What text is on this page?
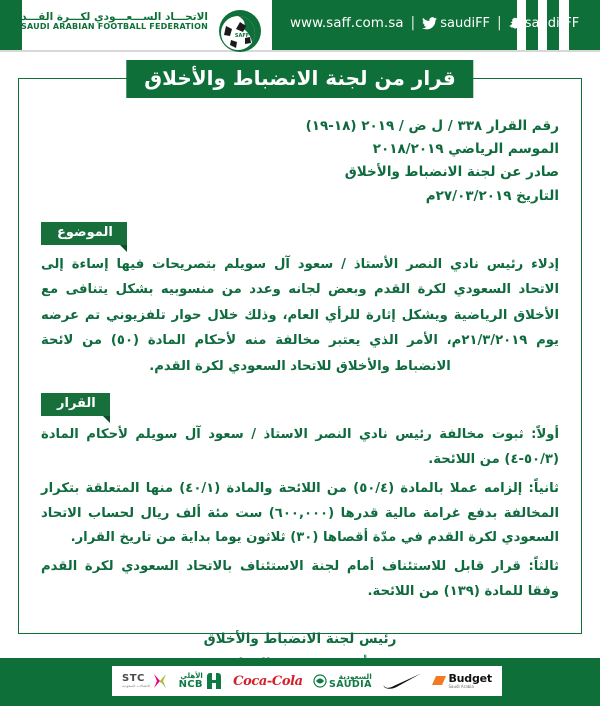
الاتحـــاد الســـعـــودي لكـــرة القـــدم
SAUDI ARABIAN FOOTBALL FEDERATION
SAFF
www.saff.com.sa | saudiFF | saudi-FF
قرار من لجنة الانضباط والأخلاق
رقم القرار ٣٣٨ / ل ض / ٢٠١٩ (١٨-١٩)
الموسم الرياضي ٢٠١٨/٢٠١٩
صادر عن لجنة الانضباط والأخلاق
التاريخ ٢٧/٠٣/٢٠١٩م
الموضوع

إدلاء رئيس نادي النصر الأستاذ / سعود آل سويلم بتصريحات فيها إساءة إلى الاتحاد السعودي لكرة القدم وبعض لجانه وعدد من منسوبيه بشكل يتنافى مع الأخلاق الرياضية ويشكل إثارة للرأي العام، وذلك خلال حوار تلفزيوني تم عرضه يوم ٢١/٣/٢٠١٩م، الأمر الذي يعتبر مخالفة منه لأحكام المادة (٥٠) من لائحة الانضباط والأخلاق للاتحاد السعودي لكرة القدم.

القرار

أولاً: ثبوت مخالفة رئيس نادي النصر الاستاذ / سعود آل سويلم لأحكام المادة (٥٠/٣-٤) من اللائحة.

ثانياً: إلزامه عملا بالمادة (٥٠/٤) من اللائحة والمادة (٤٠/١) منها المتعلقة بتكرار المخالفة بدفع غرامة مالية قدرها (٦٠٠,٠٠٠) ست مئة ألف ريال لحساب الاتحاد السعودي لكرة القدم في مدّة أقصاها (٣٠) ثلاثون يوما بداية من تاريخ القرار.

ثالثاً: قرار قابل للاستئناف أمام لجنة الاستئناف بالاتحاد السعودي لكرة القدم وفقا للمادة (١٣٩) من اللائحة.

رئيس لجنة الانضباط والأخلاق
STC
الاتصالات السعودية
الأهلي
NCB Coca-Cola	السعودية
SAUDIA	Budget
Saudi Arabia
